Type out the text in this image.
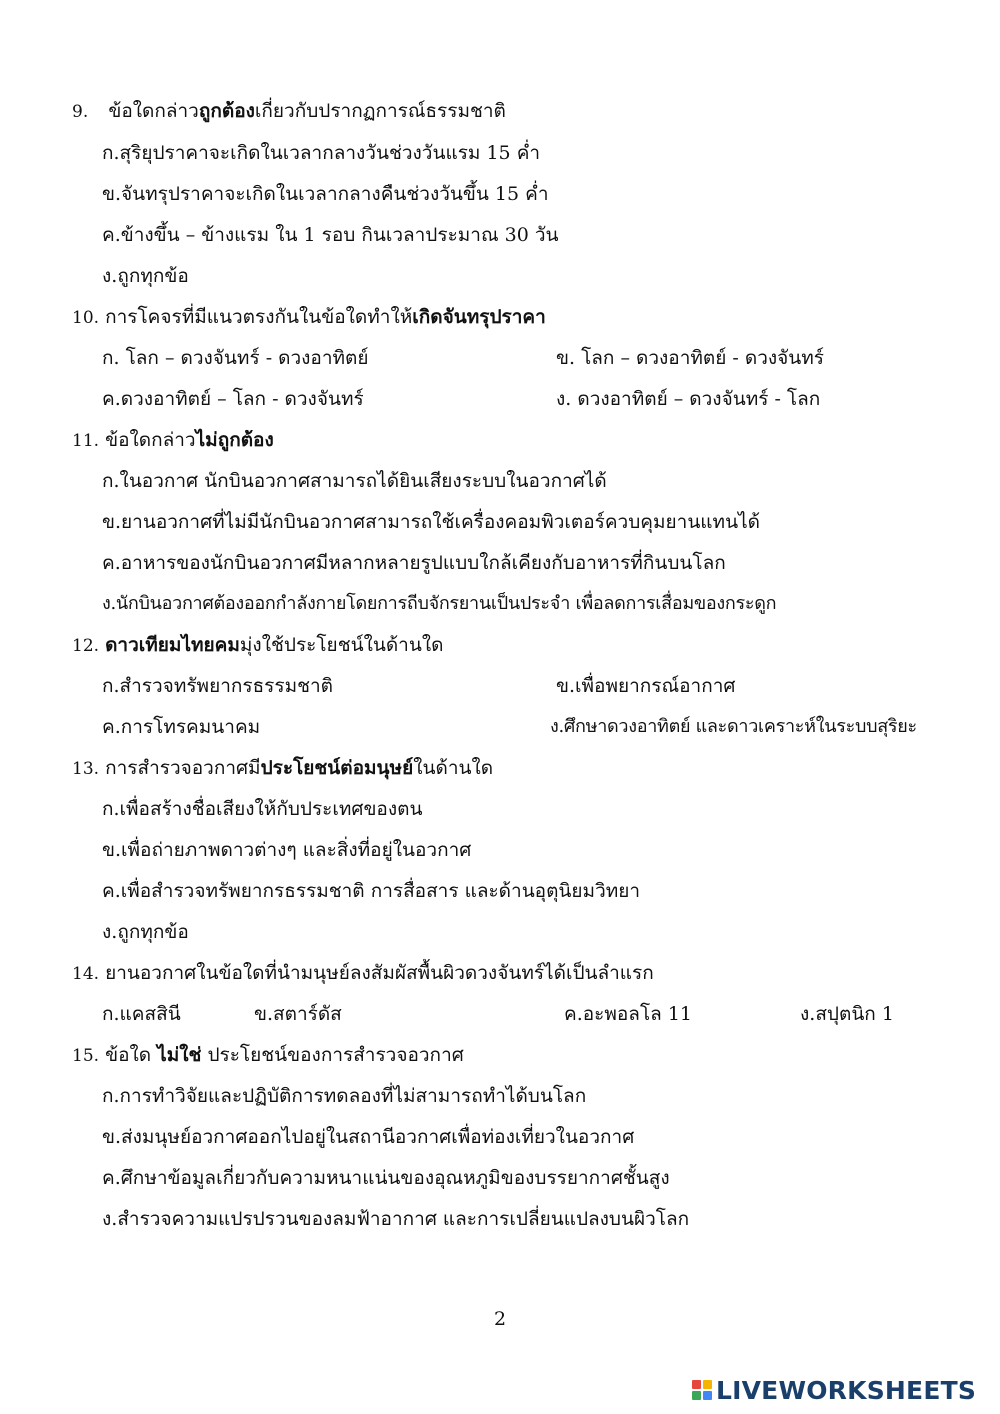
9. ข้อใดกล่าวถูกต้องเกี่ยวกับปรากฏการณ์ธรรมชาติ
ก.สุริยุปราคาจะเกิดในเวลากลางวันช่วงวันแรม 15 ค่ำ
ข.จันทรุปราคาจะเกิดในเวลากลางคืนช่วงวันขึ้น 15 ค่ำ
ค.ข้างขึ้น – ข้างแรม ใน 1 รอบ กินเวลาประมาณ 30 วัน
ง.ถูกทุกข้อ
10. การโคจรที่มีแนวตรงกันในข้อใดทำให้เกิดจันทรุปราคา
ก. โลก – ดวงจันทร์ - ดวงอาทิตย์	ข. โลก – ดวงอาทิตย์ - ดวงจันทร์
ค.ดวงอาทิตย์ – โลก - ดวงจันทร์	ง. ดวงอาทิตย์ – ดวงจันทร์ - โลก
11. ข้อใดกล่าวไม่ถูกต้อง
ก.ในอวกาศ นักบินอวกาศสามารถได้ยินเสียงระบบในอวกาศได้
ข.ยานอวกาศที่ไม่มีนักบินอวกาศสามารถใช้เครื่องคอมพิวเตอร์ควบคุมยานแทนได้
ค.อาหารของนักบินอวกาศมีหลากหลายรูปแบบใกล้เคียงกับอาหารที่กินบนโลก
ง.นักบินอวกาศต้องออกกำลังกายโดยการถีบจักรยานเป็นประจำ เพื่อลดการเสื่อมของกระดูก
12. ดาวเทียมไทยคมมุ่งใช้ประโยชน์ในด้านใด
ก.สำรวจทรัพยากรธรรมชาติ	ข.เพื่อพยากรณ์อากาศ
ค.การโทรคมนาคม	ง.ศึกษาดวงอาทิตย์ และดาวเคราะห์ในระบบสุริยะ
13. การสำรวจอวกาศมีประโยชน์ต่อมนุษย์ในด้านใด
ก.เพื่อสร้างชื่อเสียงให้กับประเทศของตน
ข.เพื่อถ่ายภาพดาวต่างๆ และสิ่งที่อยู่ในอวกาศ
ค.เพื่อสำรวจทรัพยากรธรรมชาติ การสื่อสาร และด้านอุตุนิยมวิทยา
ง.ถูกทุกข้อ
14. ยานอวกาศในข้อใดที่นำมนุษย์ลงสัมผัสพื้นผิวดวงจันทร์ได้เป็นลำแรก
ก.แคสสินี	ข.สตาร์ดัส	ค.อะพอลโล 11	ง.สปุตนิก 1
15. ข้อใด ไม่ใช่ ประโยชน์ของการสำรวจอวกาศ
ก.การทำวิจัยและปฏิบัติการทดลองที่ไม่สามารถทำได้บนโลก
ข.ส่งมนุษย์อวกาศออกไปอยู่ในสถานีอวกาศเพื่อท่องเที่ยวในอวกาศ
ค.ศึกษาข้อมูลเกี่ยวกับความหนาแน่นของอุณหภูมิของบรรยากาศชั้นสูง
ง.สำรวจความแปรปรวนของลมฟ้าอากาศ และการเปลี่ยนแปลงบนผิวโลก
2
LIVEWORKSHEETS
